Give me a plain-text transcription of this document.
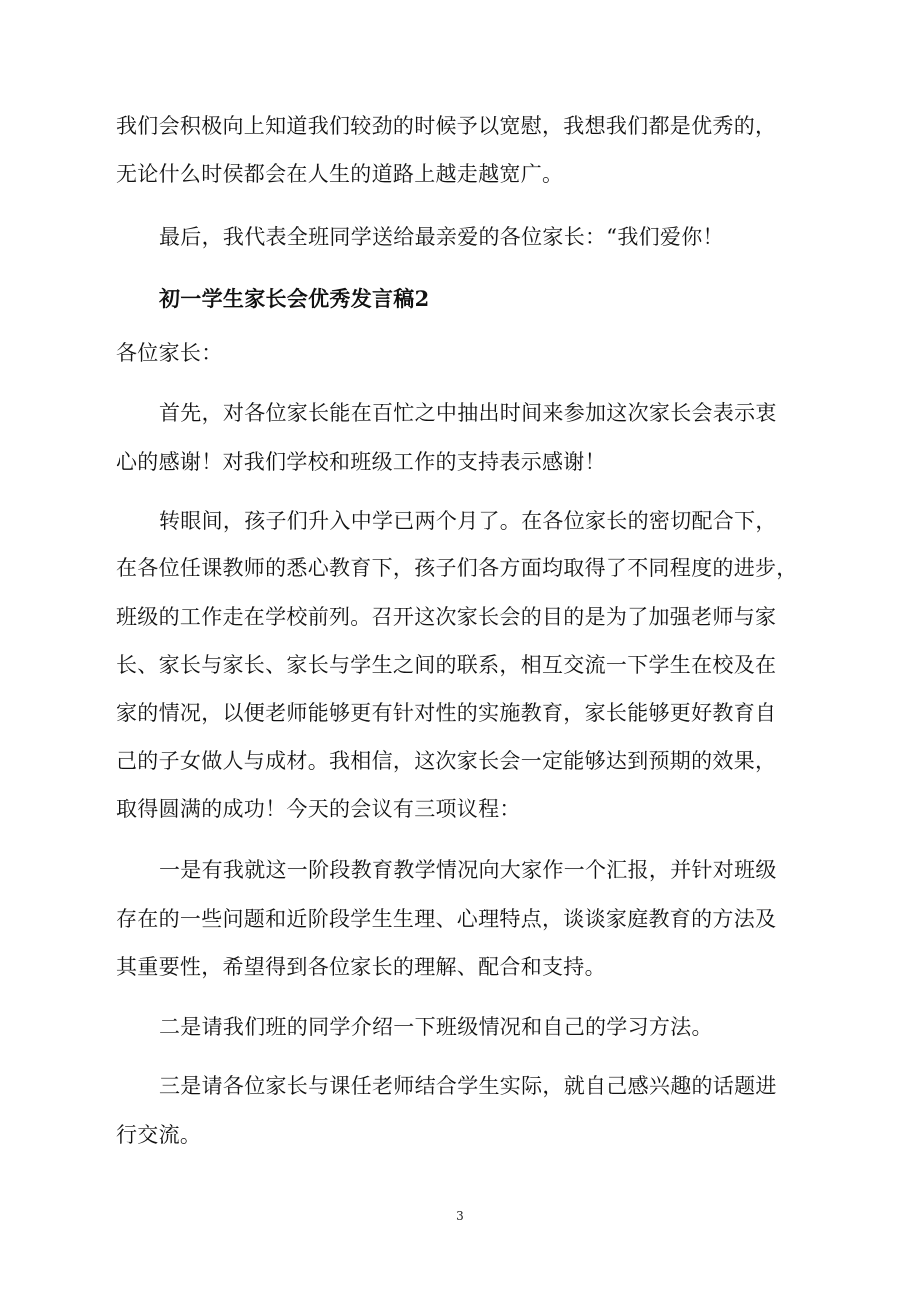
我们会积极向上知道我们较劲的时候予以宽慰，我想我们都是优秀的，
无论什么时侯都会在人生的道路上越走越宽广。
最后，我代表全班同学送给最亲爱的各位家长：“我们爱你！
初一学生家长会优秀发言稿2
各位家长：
首先，对各位家长能在百忙之中抽出时间来参加这次家长会表示衷
心的感谢！对我们学校和班级工作的支持表示感谢！
转眼间，孩子们升入中学已两个月了。在各位家长的密切配合下，
在各位任课教师的悉心教育下，孩子们各方面均取得了不同程度的进步，
班级的工作走在学校前列。召开这次家长会的目的是为了加强老师与家
长、家长与家长、家长与学生之间的联系，相互交流一下学生在校及在
家的情况，以便老师能够更有针对性的实施教育，家长能够更好教育自
己的子女做人与成材。我相信，这次家长会一定能够达到预期的效果，
取得圆满的成功！今天的会议有三项议程：
一是有我就这一阶段教育教学情况向大家作一个汇报，并针对班级
存在的一些问题和近阶段学生生理、心理特点，谈谈家庭教育的方法及
其重要性，希望得到各位家长的理解、配合和支持。
二是请我们班的同学介绍一下班级情况和自己的学习方法。
三是请各位家长与课任老师结合学生实际，就自己感兴趣的话题进
行交流。
3
